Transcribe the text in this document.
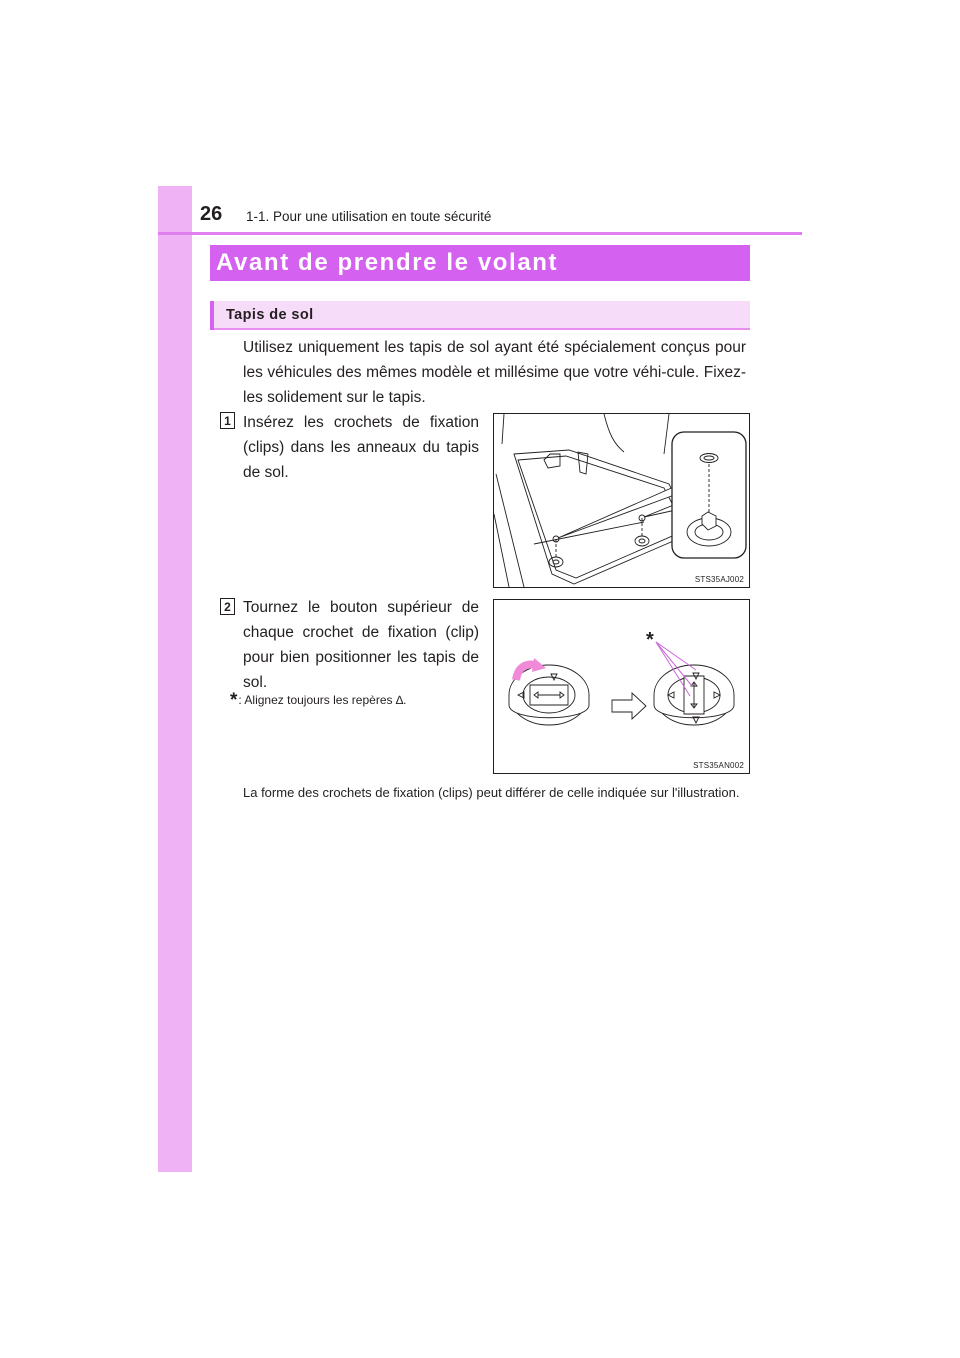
26 1-1. Pour une utilisation en toute sécurité
Avant de prendre le volant
Tapis de sol
Utilisez uniquement les tapis de sol ayant été spécialement conçus pour les véhicules des mêmes modèle et millésime que votre véhi-cule. Fixez-les solidement sur le tapis.
1 Insérez les crochets de fixation (clips) dans les anneaux du tapis de sol.
STS35AJ002
2 Tournez le bouton supérieur de chaque crochet de fixation (clip) pour bien positionner les tapis de sol.
*: Alignez toujours les repères ∆.
*
STS35AN002
La forme des crochets de fixation (clips) peut différer de celle indiquée sur l'illustration.
